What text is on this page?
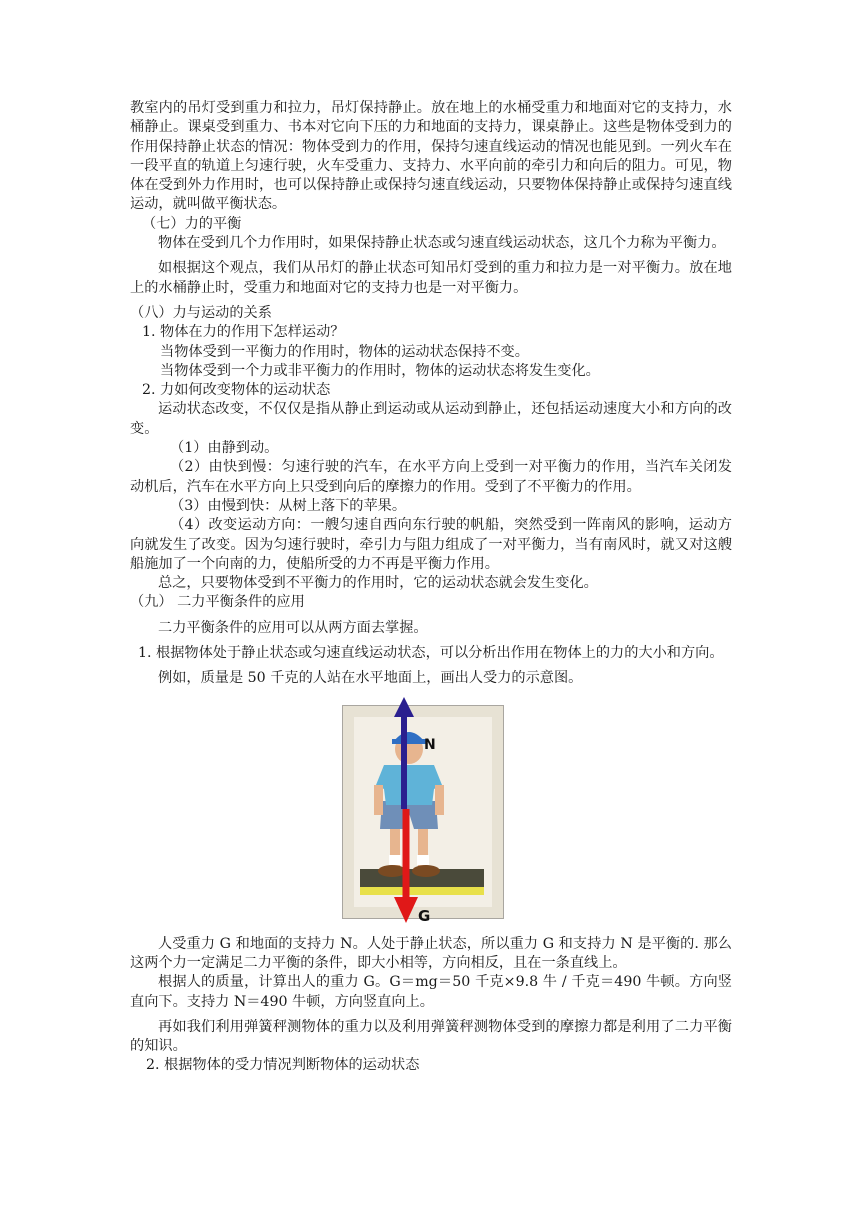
教室内的吊灯受到重力和拉力，吊灯保持静止。放在地上的水桶受重力和地面对它的支持力，水桶静止。课桌受到重力、书本对它向下压的力和地面的支持力，课桌静止。这些是物体受到力的作用保持静止状态的情况：物体受到力的作用，保持匀速直线运动的情况也能见到。一列火车在一段平直的轨道上匀速行驶，火车受重力、支持力、水平向前的牵引力和向后的阻力。可见，物体在受到外力作用时，也可以保持静止或保持匀速直线运动，只要物体保持静止或保持匀速直线运动，就叫做平衡状态。

（七）力的平衡

物体在受到几个力作用时，如果保持静止状态或匀速直线运动状态，这几个力称为平衡力。

如根据这个观点，我们从吊灯的静止状态可知吊灯受到的重力和拉力是一对平衡力。放在地上的水桶静止时，受重力和地面对它的支持力也是一对平衡力。

（八）力与运动的关系

1. 物体在力的作用下怎样运动？

当物体受到一平衡力的作用时，物体的运动状态保持不变。

当物体受到一个力或非平衡力的作用时，物体的运动状态将发生变化。

2. 力如何改变物体的运动状态

运动状态改变，不仅仅是指从静止到运动或从运动到静止，还包括运动速度大小和方向的改变。

（1）由静到动。

（2）由快到慢：匀速行驶的汽车，在水平方向上受到一对平衡力的作用，当汽车关闭发动机后，汽车在水平方向上只受到向后的摩擦力的作用。受到了不平衡力的作用。

（3）由慢到快：从树上落下的苹果。

（4）改变运动方向：一艘匀速自西向东行驶的帆船，突然受到一阵南风的影响，运动方向就发生了改变。因为匀速行驶时，牵引力与阻力组成了一对平衡力，当有南风时，就又对这艘船施加了一个向南的力，使船所受的力不再是平衡力作用。

总之，只要物体受到不平衡力的作用时，它的运动状态就会发生变化。

（九） 二力平衡条件的应用

二力平衡条件的应用可以从两方面去掌握。

1. 根据物体处于静止状态或匀速直线运动状态，可以分析出作用在物体上的力的大小和方向。

例如，质量是 50 千克的人站在水平地面上，画出人受力的示意图。

N
G

人受重力 G 和地面的支持力 N。人处于静止状态，所以重力 G 和支持力 N 是平衡的. 那么这两个力一定满足二力平衡的条件，即大小相等，方向相反，且在一条直线上。

根据人的质量，计算出人的重力 G。G＝mg＝50 千克×9.8 牛 / 千克＝490 牛顿。方向竖直向下。支持力 N＝490 牛顿，方向竖直向上。

再如我们利用弹簧秤测物体的重力以及利用弹簧秤测物体受到的摩擦力都是利用了二力平衡的知识。

2. 根据物体的受力情况判断物体的运动状态
